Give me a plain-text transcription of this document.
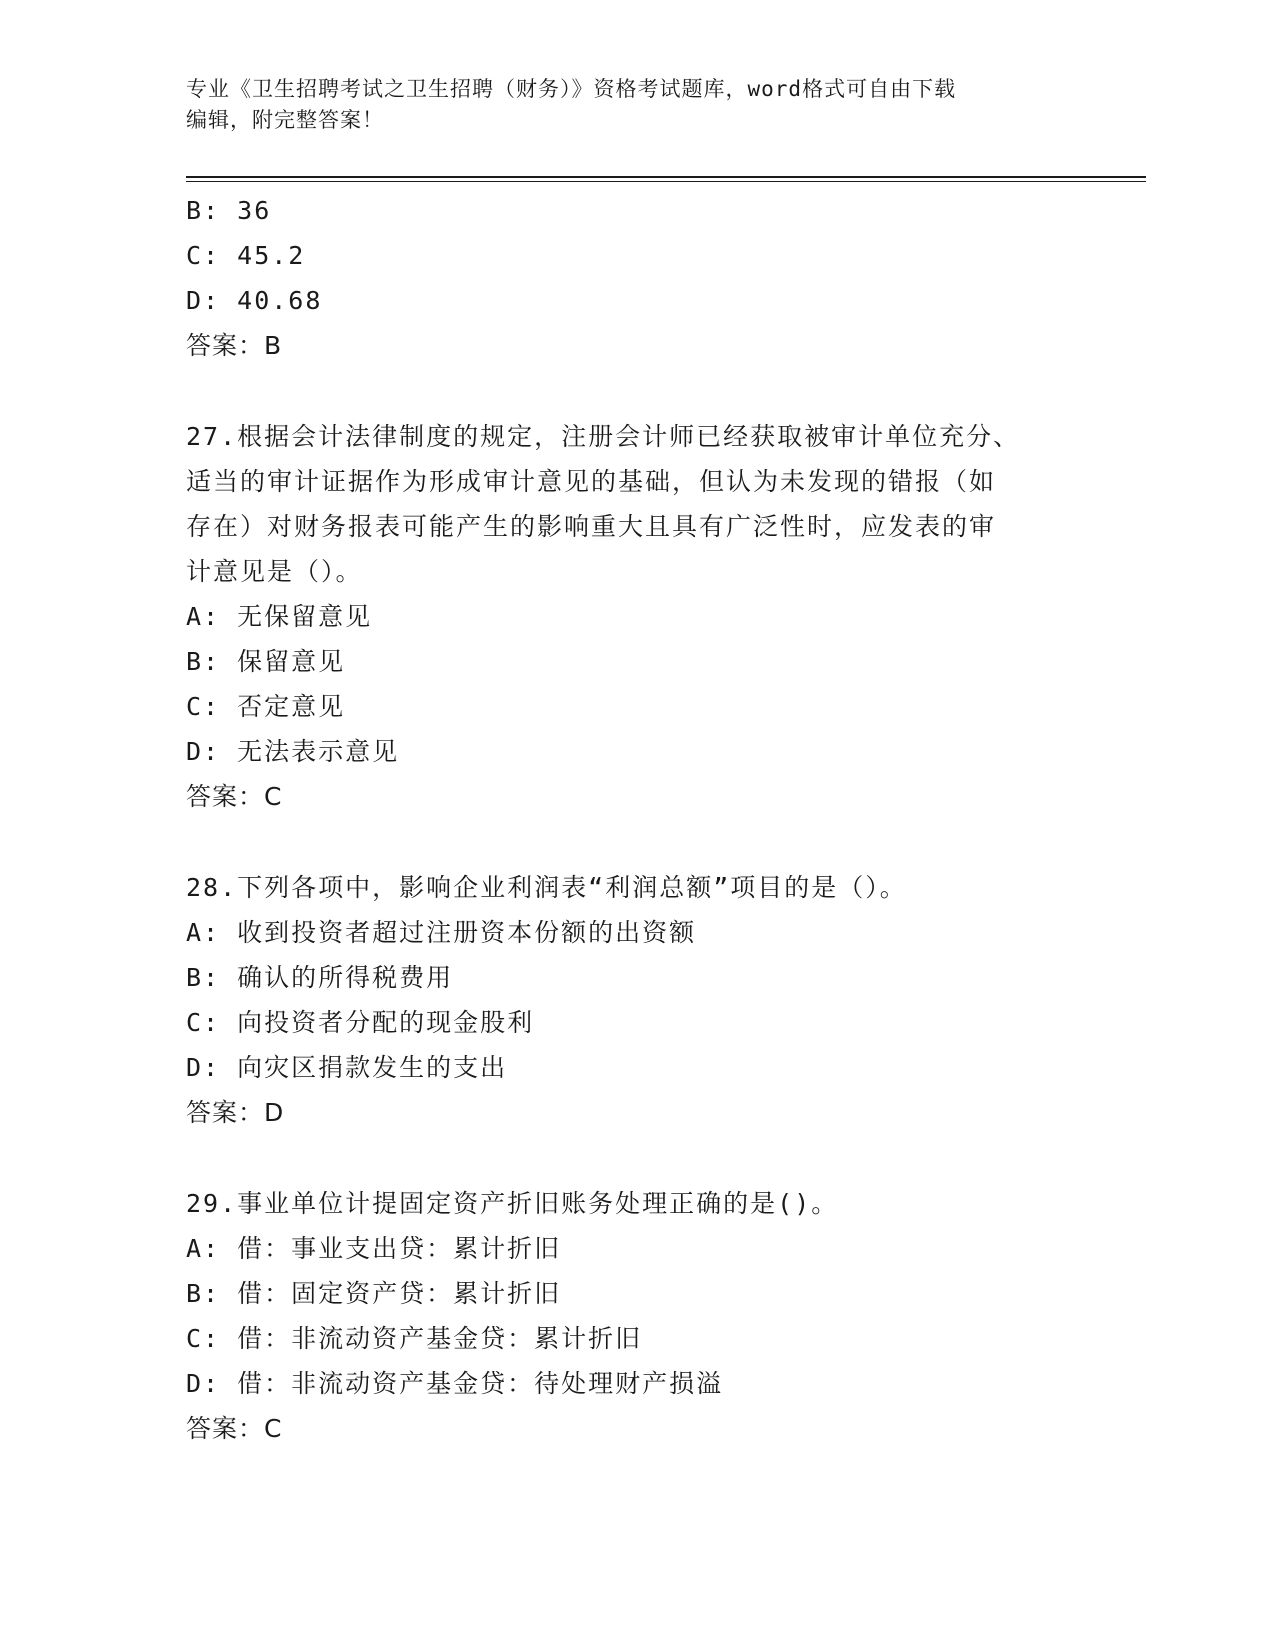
专业《卫生招聘考试之卫生招聘（财务）》资格考试题库，word格式可自由下载
编辑，附完整答案！
B: 36
C: 45.2
D: 40.68
答案：B
27.根据会计法律制度的规定，注册会计师已经获取被审计单位充分、
适当的审计证据作为形成审计意见的基础，但认为未发现的错报（如
存在）对财务报表可能产生的影响重大且具有广泛性时，应发表的审
计意见是（）。
A: 无保留意见
B: 保留意见
C: 否定意见
D: 无法表示意见
答案：C
28.下列各项中，影响企业利润表“利润总额”项目的是（）。
A: 收到投资者超过注册资本份额的出资额
B: 确认的所得税费用
C: 向投资者分配的现金股利
D: 向灾区捐款发生的支出
答案：D
29.事业单位计提固定资产折旧账务处理正确的是()。
A: 借：事业支出贷：累计折旧
B: 借：固定资产贷：累计折旧
C: 借：非流动资产基金贷：累计折旧
D: 借：非流动资产基金贷：待处理财产损溢
答案：C
